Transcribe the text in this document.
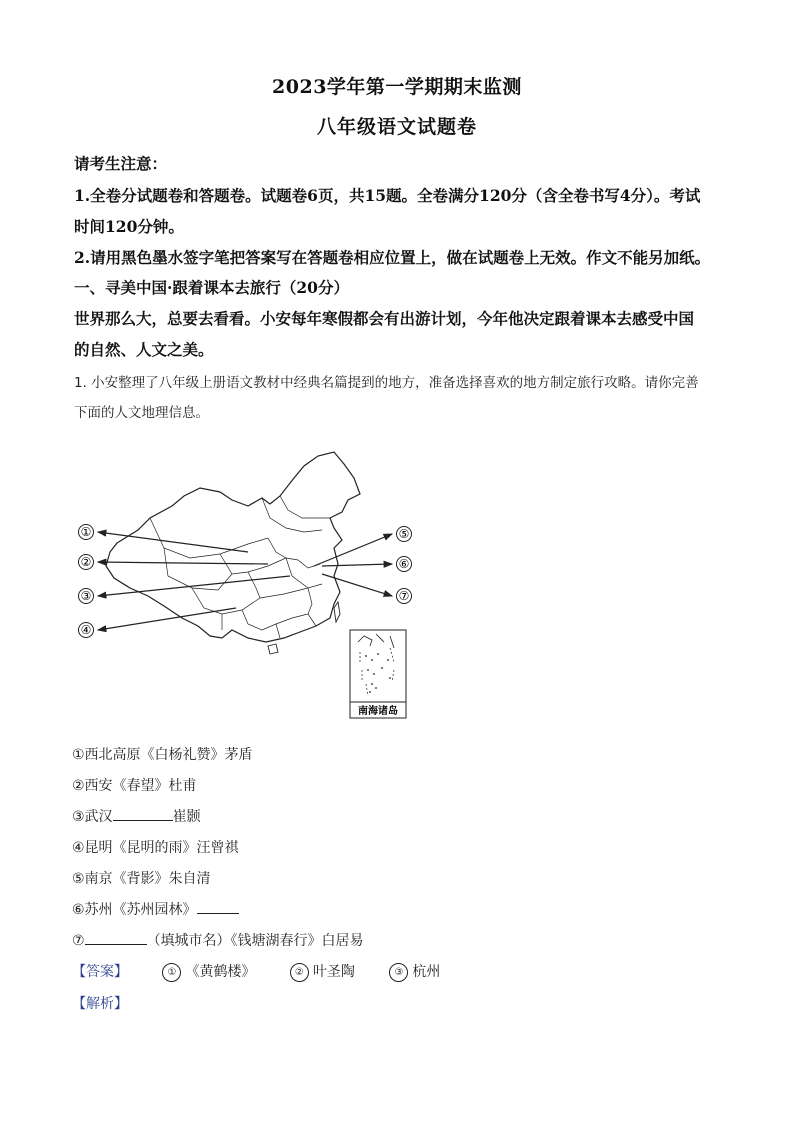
2023学年第一学期期末监测
八年级语文试题卷
请考生注意：
1.全卷分试题卷和答题卷。试题卷6页，共15题。全卷满分120分（含全卷书写4分）。考试
时间120分钟。
2.请用黑色墨水签字笔把答案写在答题卷相应位置上，做在试题卷上无效。作文不能另加纸。
一、寻美中国·跟着课本去旅行（20分）
世界那么大，总要去看看。小安每年寒假都会有出游计划，今年他决定跟着课本去感受中国
的自然、人文之美。
1. 小安整理了八年级上册语文教材中经典名篇提到的地方，准备选择喜欢的地方制定旅行攻略。请你完善
下面的人文地理信息。
①
②
③
④
⑤
⑥
⑦
南海诸岛
①西北高原《白杨礼赞》茅盾
②西安《春望》杜甫
③武汉	崔颢
④昆明《昆明的雨》汪曾祺
⑤南京《背影》朱自清
⑥苏州《苏州园林》
⑦	（填城市名）《钱塘湖春行》白居易
【答案】	① 《黄鹤楼》	② 叶圣陶	③ 杭州
【解析】
